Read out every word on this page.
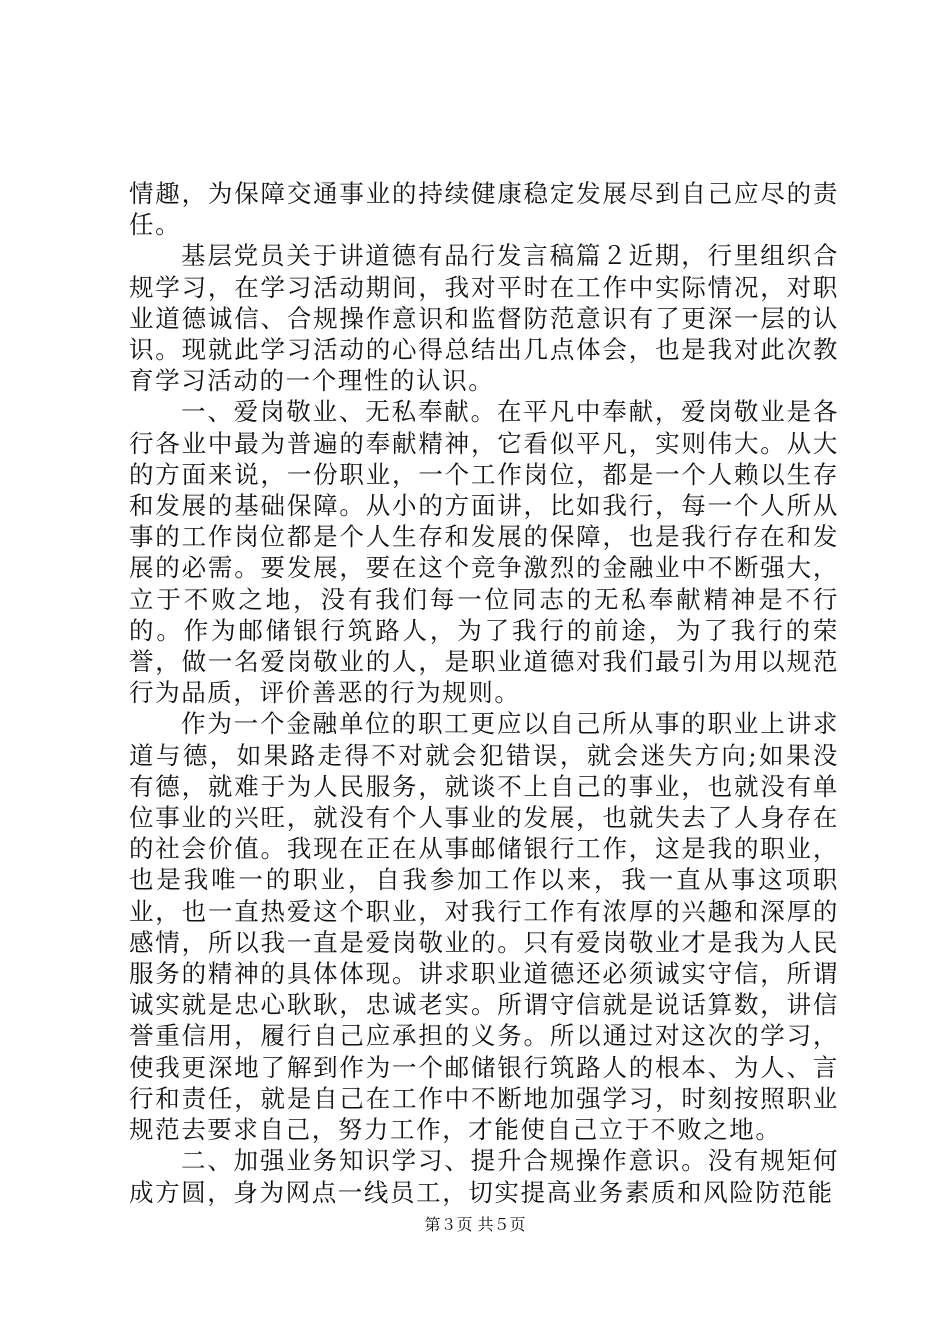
情趣，为保障交通事业的持续健康稳定发展尽到自己应尽的责任。

基层党员关于讲道德有品行发言稿篇２近期，行里组织合规学习，在学习活动期间，我对平时在工作中实际情况，对职业道德诚信、合规操作意识和监督防范意识有了更深一层的认识。现就此学习活动的心得总结出几点体会，也是我对此次教育学习活动的一个理性的认识。

一、爱岗敬业、无私奉献。在平凡中奉献，爱岗敬业是各行各业中最为普遍的奉献精神，它看似平凡，实则伟大。从大的方面来说，一份职业，一个工作岗位，都是一个人赖以生存和发展的基础保障。从小的方面讲，比如我行，每一个人所从事的工作岗位都是个人生存和发展的保障，也是我行存在和发展的必需。要发展，要在这个竞争激烈的金融业中不断强大，立于不败之地，没有我们每一位同志的无私奉献精神是不行的。作为邮储银行筑路人，为了我行的前途，为了我行的荣誉，做一名爱岗敬业的人，是职业道德对我们最引为用以规范行为品质，评价善恶的行为规则。

作为一个金融单位的职工更应以自己所从事的职业上讲求道与德，如果路走得不对就会犯错误，就会迷失方向;如果没有德，就难于为人民服务，就谈不上自己的事业，也就没有单位事业的兴旺，就没有个人事业的发展，也就失去了人身存在的社会价值。我现在正在从事邮储银行工作，这是我的职业，也是我唯一的职业，自我参加工作以来，我一直从事这项职业，也一直热爱这个职业，对我行工作有浓厚的兴趣和深厚的感情，所以我一直是爱岗敬业的。只有爱岗敬业才是我为人民服务的精神的具体体现。讲求职业道德还必须诚实守信，所谓诚实就是忠心耿耿，忠诚老实。所谓守信就是说话算数，讲信誉重信用，履行自己应承担的义务。所以通过对这次的学习，使我更深地了解到作为一个邮储银行筑路人的根本、为人、言行和责任，就是自己在工作中不断地加强学习，时刻按照职业规范去要求自己，努力工作，才能使自己立于不败之地。

二、加强业务知识学习、提升合规操作意识。没有规矩何成方圆，身为网点一线员工，切实提高业务素质和风险防范能

第３页 共５页
